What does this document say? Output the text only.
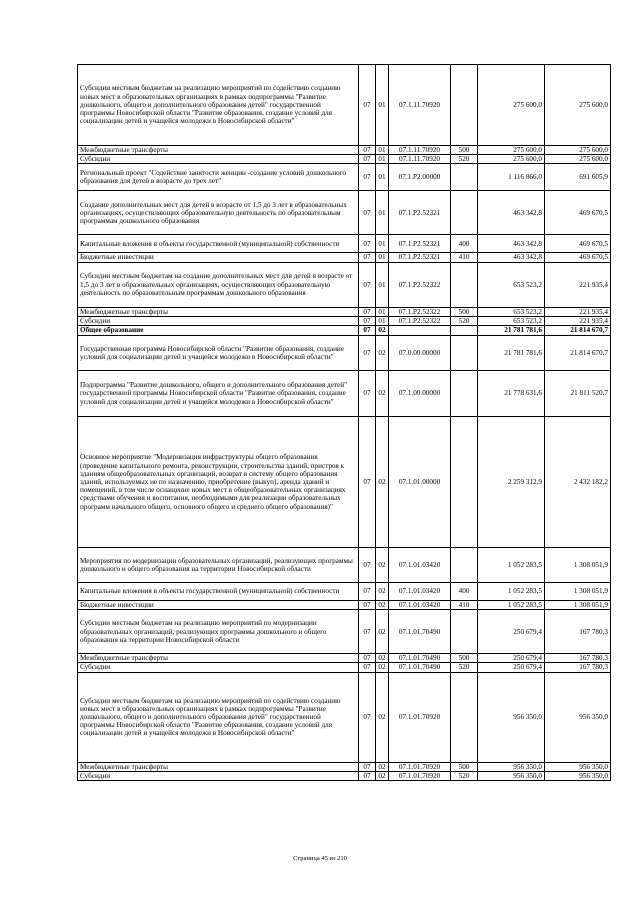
Субсидии местным бюджетам на реализацию мероприятий по содействию созданию новых мест в образовательных организациях в рамках подпрограммы "Развитие дошкольного, общего и дополнительного образования детей" государственной программы Новосибирской области "Развитие образования, создание условий для социализации детей и учащейся молодежи в Новосибирской области"	07	01	07.1.11.70920		275 600,0	275 600,0
Межбюджетные трансферты	07	01	07.1.11.70920	500	275 600,0	275 600,0
Субсидии	07	01	07.1.11.70920	520	275 600,0	275 600,0
Региональный проект "Содействие занятости женщин -создание условий дошкольного образования для детей в возрасте до трех лет"	07	01	07.1.P2.00000		1 116 866,0	691 605,9
Создание дополнительных мест для детей в возрасте от 1,5 до 3 лет в образовательных организациях, осуществляющих образовательную деятельность по образовательным программам дошкольного образования	07	01	07.1.P2.52321		463 342,8	469 670,5
Капитальные вложения в объекты государственной (муниципальной) собственности	07	01	07.1.P2.52321	400	463 342,8	469 670,5
Бюджетные инвестиции	07	01	07.1.P2.52321	410	463 342,8	469 670,5
Субсидии местным бюджетам на создание дополнительных мест для детей в возрасте от 1,5 до 3 лет в образовательных организациях, осуществляющих образовательную деятельность по образовательным программам дошкольного образования	07	01	07.1.P2.52322		653 523,2	221 935,4
Межбюджетные трансферты	07	01	07.1.P2.52322	500	653 523,2	221 935,4
Субсидии	07	01	07.1.P2.52322	520	653 523,2	221 935,4
Общее образование	07	02			21 781 781,6	21 814 670,7
Государственная программа Новосибирской области "Развитие образования, создание условий для социализации детей и учащейся молодежи в Новосибирской области"	07	02	07.0.00.00000		21 781 781,6	21 814 670,7
Подпрограмма "Развитие дошкольного, общего и дополнительного образования детей" государственной программы Новосибирской области "Развитие образования, создание условий для социализации детей и учащейся молодежи в Новосибирской области"	07	02	07.1.00.00000		21 778 631,6	21 811 520,7
Основное мероприятие "Модернизация инфраструктуры общего образования (проведение капитального ремонта, реконструкции, строительства зданий, пристроя к зданиям общеобразовательных организаций, возврат в систему общего образования зданий, используемых не по назначению, приобретение (выкуп), аренда зданий и помещений, в том числе оснащение новых мест в общеобразовательных организациях средствами обучения и воспитания, необходимыми для реализации образовательных программ начального общего, основного общего и среднего общего образования)"	07	02	07.1.01.00000		2 259 312,9	2 432 182,2
Мероприятия по модернизации образовательных организаций, реализующих программы дошкольного и общего образования на территории Новосибирской области	07	02	07.1.01.03420		1 052 283,5	1 308 051,9
Капитальные вложения в объекты государственной (муниципальной) собственности	07	02	07.1.01.03420	400	1 052 283,5	1 308 051,9
Бюджетные инвестиции	07	02	07.1.01.03420	410	1 052 283,5	1 308 051,9
Субсидии местным бюджетам на реализацию мероприятий по модернизации образовательных организаций, реализующих программы дошкольного и общего образования на территории Новосибирской области	07	02	07.1.01.70490		250 679,4	167 780,3
Межбюджетные трансферты	07	02	07.1.01.70490	500	250 679,4	167 780,3
Субсидии	07	02	07.1.01.70490	520	250 679,4	167 780,3
Субсидии местным бюджетам на реализацию мероприятий по содействию созданию новых мест в образовательных организациях в рамках подпрограммы "Развитие дошкольного, общего и дополнительного образования детей" государственной программы Новосибирской области "Развитие образования, создание условий для социализации детей и учащейся молодежи в Новосибирской области"	07	02	07.1.01.70920		956 350,0	956 350,0
Межбюджетные трансферты	07	02	07.1.01.70920	500	956 350,0	956 350,0
Субсидии	07	02	07.1.01.70920	520	956 350,0	956 350,0
Страница 45 из 210
